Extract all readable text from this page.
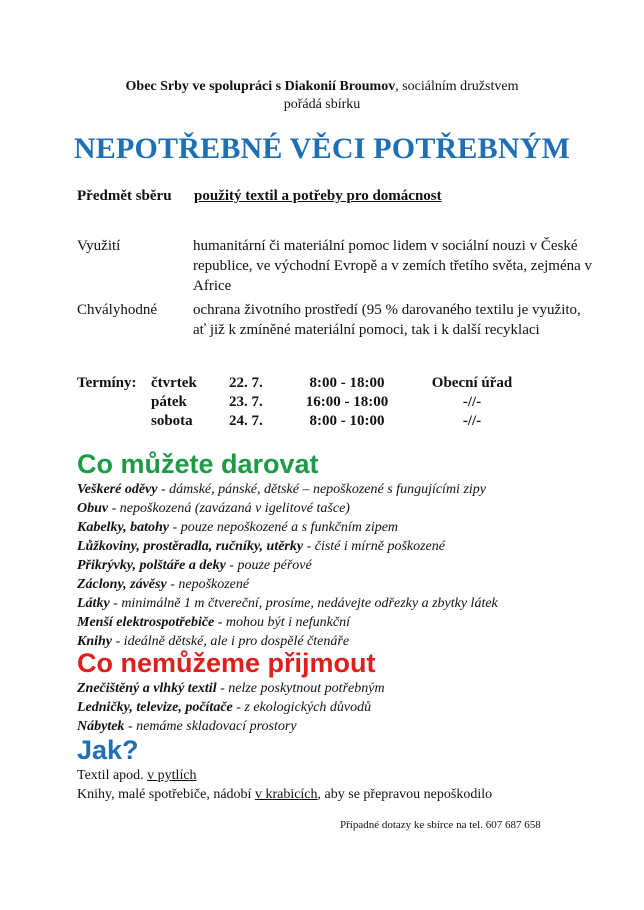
Obec Srby ve spolupráci s Diakonií Broumov, sociálním družstvem
pořádá sbírku
NEPOTŘEBNÉ VĚCI POTŘEBNÝM
Předmět sběru použitý textil a potřeby pro domácnost
Využití	humanitární či materiální pomoc lidem v sociální nouzi v České republice, ve východní Evropě a v zemích třetího světa, zejména v Africe
Chvályhodné ochrana životního prostředí (95 % darovaného textilu je využito, ať již k zmíněné materiální pomoci, tak i k další recyklaci
Termíny: čtvrtek 22. 7.	8:00 - 18:00	Obecní úřad
pátek	23. 7.	16:00 - 18:00	-//-
sobota 24. 7.	8:00 - 10:00	-//-
Co můžete darovat
Veškeré oděvy - dámské, pánské, dětské – nepoškozené s fungujícími zipy
Obuv - nepoškozená (zavázaná v igelitové tašce)
Kabelky, batohy - pouze nepoškozené a s funkčním zipem
Lůžkoviny, prostěradla, ručníky, utěrky - čisté i mírně poškozené
Přikrývky, polštáře a deky - pouze péřové
Záclony, závěsy - nepoškozené
Látky - minimálně 1 m čtvereční, prosíme, nedávejte odřezky a zbytky látek
Menší elektrospotřebiče - mohou být i nefunkční
Knihy - ideálně dětské, ale i pro dospělé čtenáře
Co nemůžeme přijmout
Znečištěný a vlhký textil - nelze poskytnout potřebným
Ledničky, televize, počítače - z ekologických důvodů
Nábytek - nemáme skladovací prostory
Jak?
Textil apod. v pytlích
Knihy, malé spotřebiče, nádobí v krabicích, aby se přepravou nepoškodilo
Případné dotazy ke sbírce na tel. 607 687 658
